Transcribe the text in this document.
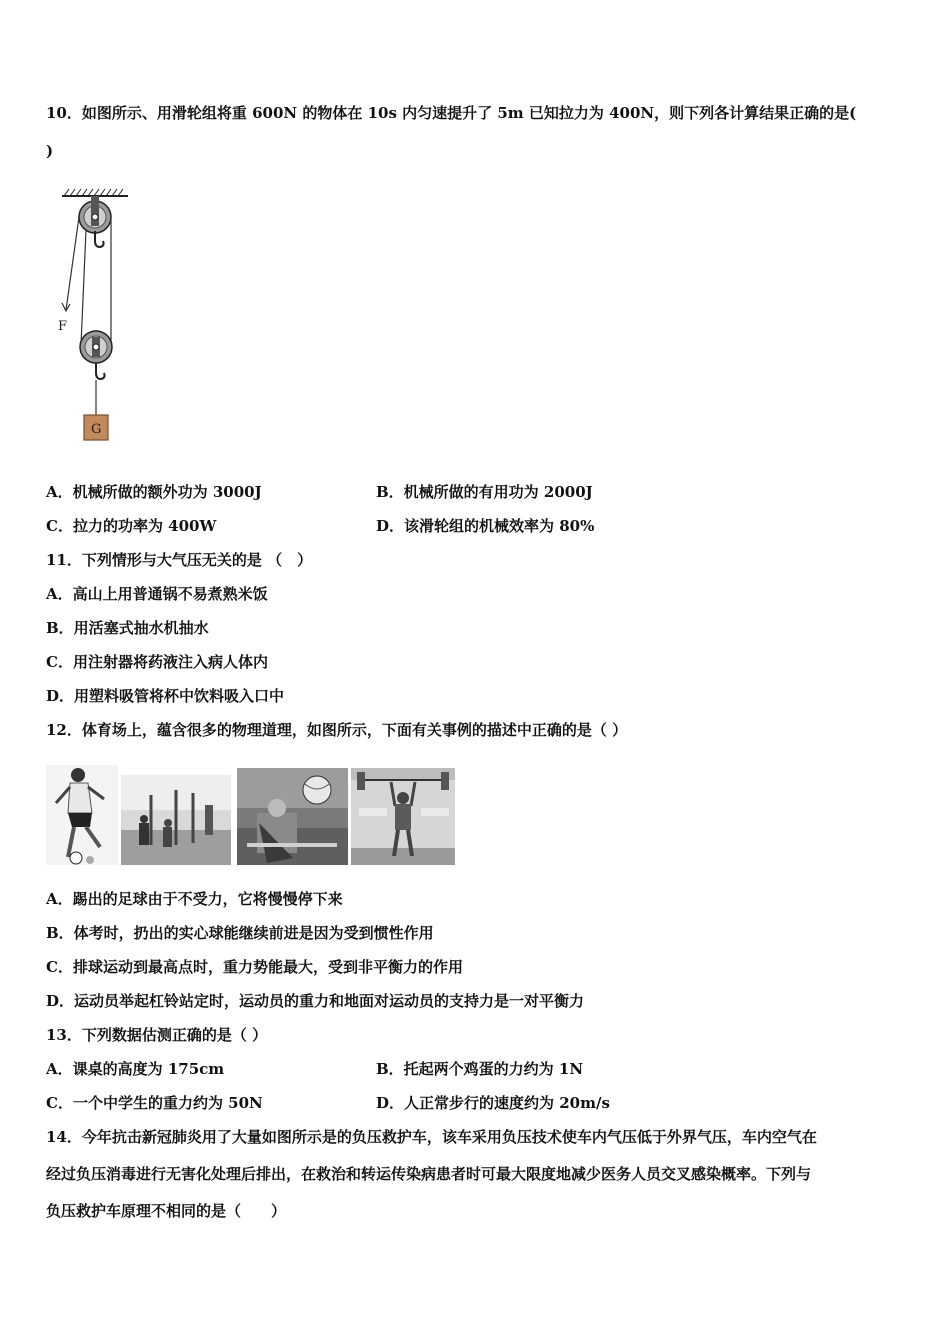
10．如图所示、用滑轮组将重 600N 的物体在 10s 内匀速提升了 5m 已知拉力为 400N，则下列各计算结果正确的是(
)
F
G
A．机械所做的额外功为 3000J	B．机械所做的有用功为 2000J
C．拉力的功率为 400W	D．该滑轮组的机械效率为 80%
11．下列情形与大气压无关的是 （　）
A．高山上用普通锅不易煮熟米饭
B．用活塞式抽水机抽水
C．用注射器将药液注入病人体内
D．用塑料吸管将杯中饮料吸入口中
12．体育场上，蕴含很多的物理道理，如图所示，下面有关事例的描述中正确的是（ ）
A．踢出的足球由于不受力，它将慢慢停下来
B．体考时，扔出的实心球能继续前进是因为受到惯性作用
C．排球运动到最高点时，重力势能最大，受到非平衡力的作用
D．运动员举起杠铃站定时，运动员的重力和地面对运动员的支持力是一对平衡力
13．下列数据估测正确的是（ ）
A．课桌的高度为 175cm	B．托起两个鸡蛋的力约为 1N
C．一个中学生的重力约为 50N	D．人正常步行的速度约为 20m/s
14．今年抗击新冠肺炎用了大量如图所示是的负压救护车，该车采用负压技术使车内气压低于外界气压，车内空气在
经过负压消毒进行无害化处理后排出，在救治和转运传染病患者时可最大限度地减少医务人员交叉感染概率。下列与
负压救护车原理不相同的是（　　）
